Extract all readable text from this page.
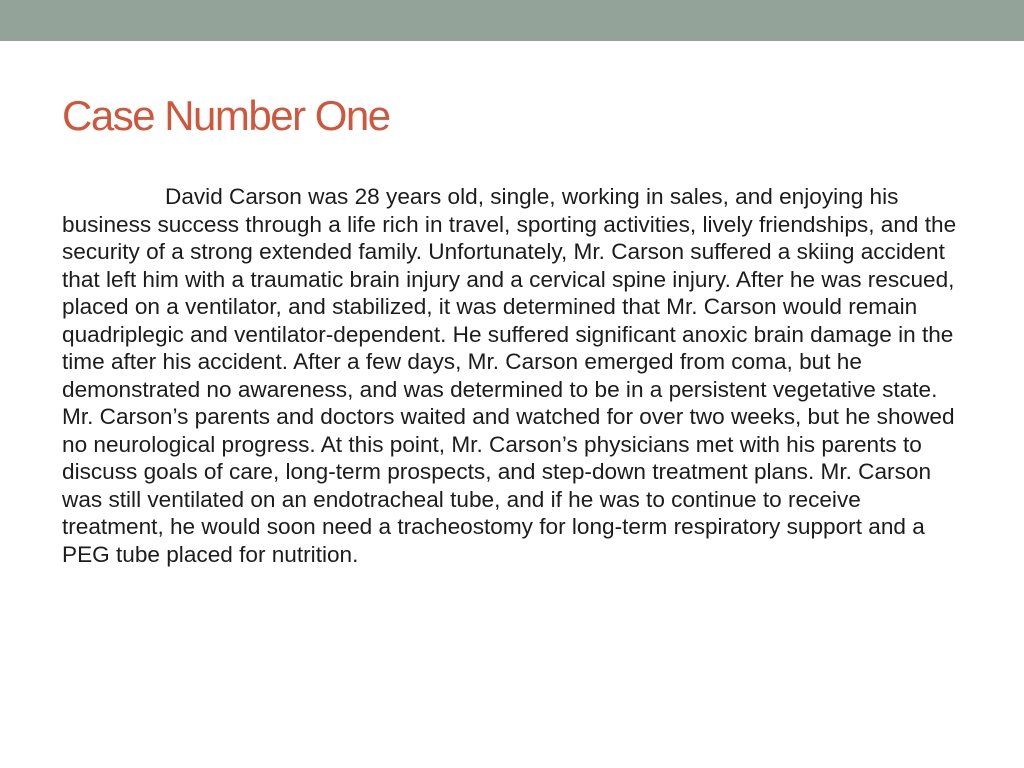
Case Number One

David Carson was 28 years old, single, working in sales, and enjoying his business success through a life rich in travel, sporting activities, lively friendships, and the security of a strong extended family. Unfortunately, Mr. Carson suffered a skiing accident that left him with a traumatic brain injury and a cervical spine injury. After he was rescued, placed on a ventilator, and stabilized, it was determined that Mr. Carson would remain quadriplegic and ventilator-dependent. He suffered significant anoxic brain damage in the time after his accident. After a few days, Mr. Carson emerged from coma, but he demonstrated no awareness, and was determined to be in a persistent vegetative state. Mr. Carson’s parents and doctors waited and watched for over two weeks, but he showed no neurological progress. At this point, Mr. Carson’s physicians met with his parents to discuss goals of care, long-term prospects, and step-down treatment plans. Mr. Carson was still ventilated on an endotracheal tube, and if he was to continue to receive treatment, he would soon need a tracheostomy for long-term respiratory support and a PEG tube placed for nutrition.
